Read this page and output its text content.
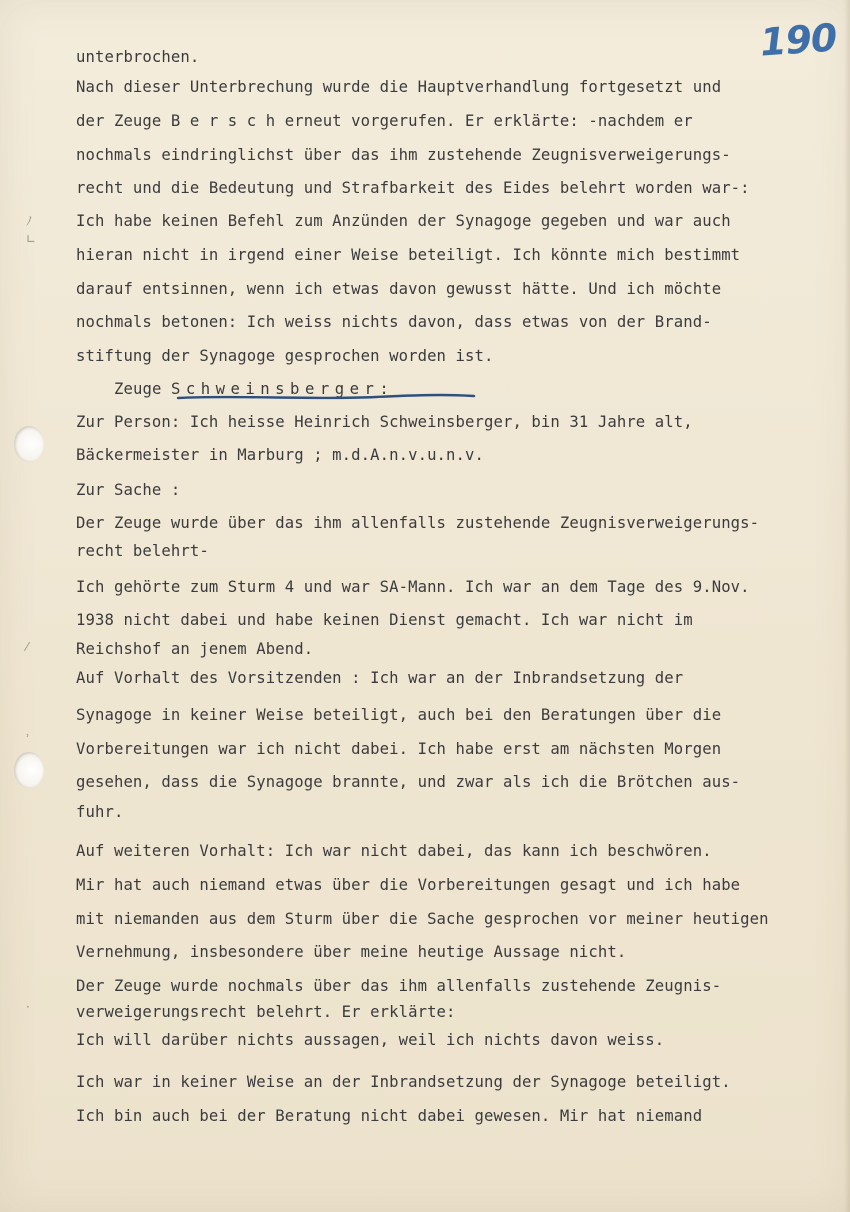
190
ﾉ
∟
⁄
ʾ
·
unterbrochen.
Nach dieser Unterbrechung wurde die Hauptverhandlung fortgesetzt und
der Zeuge B e r s c h erneut vorgerufen. Er erklärte: -nachdem er
nochmals eindringlichst über das ihm zustehende Zeugnisverweigerungs-
recht und die Bedeutung und Strafbarkeit des Eides belehrt worden war-:
Ich habe keinen Befehl zum Anzünden der Synagoge gegeben und war auch
hieran nicht in irgend einer Weise beteiligt. Ich könnte mich bestimmt
darauf entsinnen, wenn ich etwas davon gewusst hätte. Und ich möchte
nochmals betonen: Ich weiss nichts davon, dass etwas von der Brand-
stiftung der Synagoge gesprochen worden ist.
Zeuge Schweinsberger:
Zur Person: Ich heisse Heinrich Schweinsberger, bin 31 Jahre alt,
Bäckermeister in Marburg ; m.d.A.n.v.u.n.v.
Zur Sache :
Der Zeuge wurde über das ihm allenfalls zustehende Zeugnisverweigerungs-
recht belehrt-
Ich gehörte zum Sturm 4 und war SA-Mann. Ich war an dem Tage des 9.Nov.
1938 nicht dabei und habe keinen Dienst gemacht. Ich war nicht im
Reichshof an jenem Abend.
Auf Vorhalt des Vorsitzenden : Ich war an der Inbrandsetzung der
Synagoge in keiner Weise beteiligt, auch bei den Beratungen über die
Vorbereitungen war ich nicht dabei. Ich habe erst am nächsten Morgen
gesehen, dass die Synagoge brannte, und zwar als ich die Brötchen aus-
fuhr.
Auf weiteren Vorhalt: Ich war nicht dabei, das kann ich beschwören.
Mir hat auch niemand etwas über die Vorbereitungen gesagt und ich habe
mit niemanden aus dem Sturm über die Sache gesprochen vor meiner heutigen
Vernehmung, insbesondere über meine heutige Aussage nicht.
Der Zeuge wurde nochmals über das ihm allenfalls zustehende Zeugnis-
verweigerungsrecht belehrt. Er erklärte:
Ich will darüber nichts aussagen, weil ich nichts davon weiss.
Ich war in keiner Weise an der Inbrandsetzung der Synagoge beteiligt.
Ich bin auch bei der Beratung nicht dabei gewesen. Mir hat niemand
